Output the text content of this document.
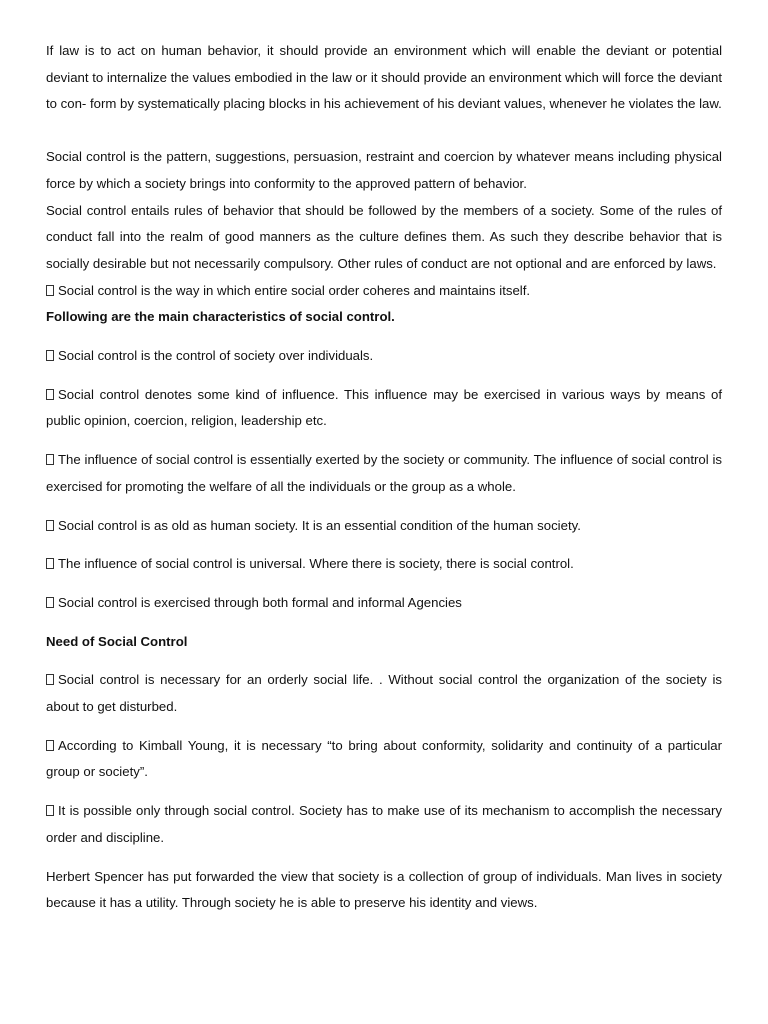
If law is to act on human behavior, it should provide an environment which will enable the deviant or potential deviant to internalize the values embodied in the law or it should provide an environment which will force the deviant to con- form by systematically placing blocks in his achievement of his deviant values, whenever he violates the law.

Social control is the pattern, suggestions, persuasion, restraint and coercion by whatever means including physical force by which a society brings into conformity to the approved pattern of behavior.

Social control entails rules of behavior that should be followed by the members of a society. Some of the rules of conduct fall into the realm of good manners as the culture defines them. As such they describe behavior that is socially desirable but not necessarily compulsory. Other rules of conduct are not optional and are enforced by laws.

Social control is the way in which entire social order coheres and maintains itself.

Following are the main characteristics of social control.

Social control is the control of society over individuals.

Social control denotes some kind of influence. This influence may be exercised in various ways by means of public opinion, coercion, religion, leadership etc.

The influence of social control is essentially exerted by the society or community. The influence of social control is exercised for promoting the welfare of all the individuals or the group as a whole.

Social control is as old as human society. It is an essential condition of the human society.

The influence of social control is universal. Where there is society, there is social control.

Social control is exercised through both formal and informal Agencies

Need of Social Control

Social control is necessary for an orderly social life. . Without social control the organization of the society is about to get disturbed.

According to Kimball Young, it is necessary “to bring about conformity, solidarity and continuity of a particular group or society”.

It is possible only through social control. Society has to make use of its mechanism to accomplish the necessary order and discipline.

Herbert Spencer has put forwarded the view that society is a collection of group of individuals. Man lives in society because it has a utility. Through society he is able to preserve his identity and views.
